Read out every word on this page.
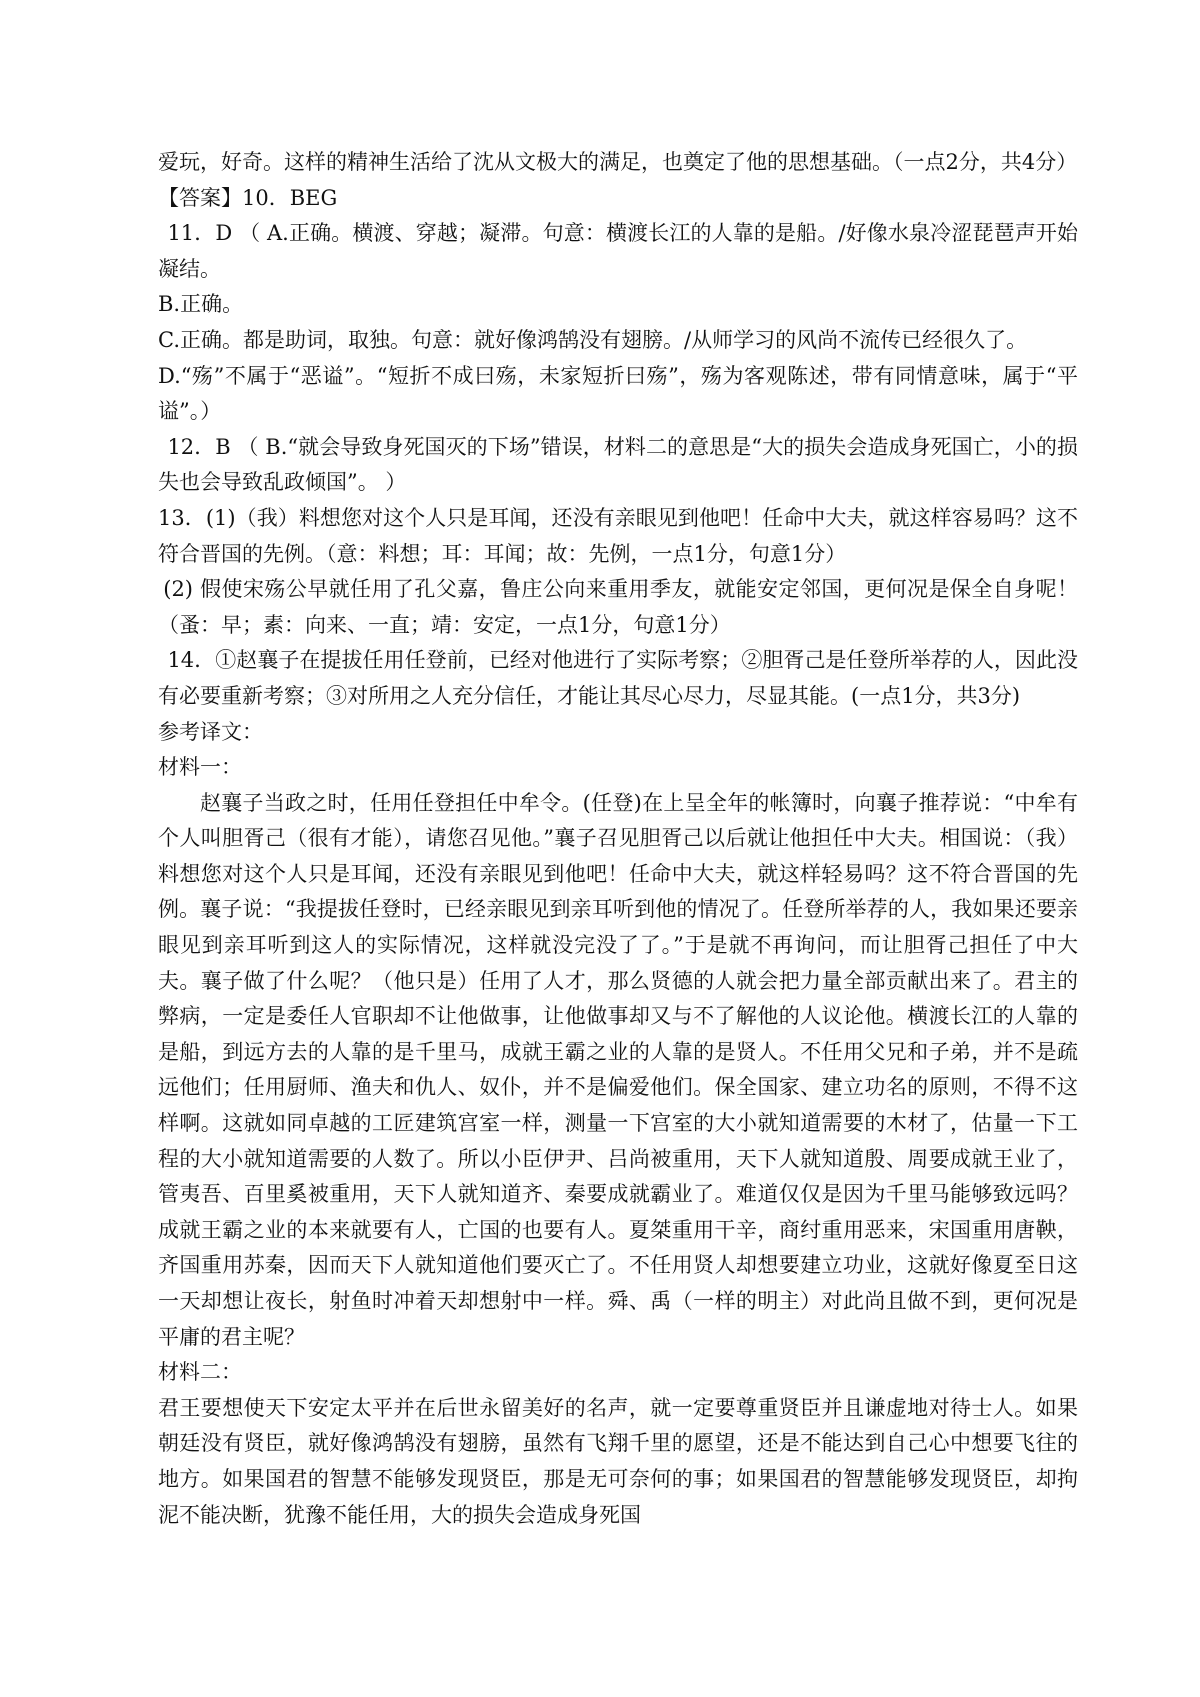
爱玩，好奇。这样的精神生活给了沈从文极大的满足，也奠定了他的思想基础。（一点2分，共4分）

【答案】10．BEG

11．D （ A.正确。横渡、穿越；凝滞。句意：横渡长江的人靠的是船。/好像水泉冷涩琵琶声开始凝结。

B.正确。

C.正确。都是助词，取独。句意：就好像鸿鹄没有翅膀。/从师学习的风尚不流传已经很久了。

D.“殇”不属于“恶谥”。“短折不成曰殇，未家短折曰殇”，殇为客观陈述，带有同情意味，属于“平谥”。）

12．B （ B.“就会导致身死国灭的下场”错误，材料二的意思是“大的损失会造成身死国亡，小的损失也会导致乱政倾国”。 ）

13．(1)（我）料想您对这个人只是耳闻，还没有亲眼见到他吧！任命中大夫，就这样容易吗？这不符合晋国的先例。（意：料想；耳：耳闻；故：先例，一点1分，句意1分）

(2) 假使宋殇公早就任用了孔父嘉，鲁庄公向来重用季友，就能安定邻国，更何况是保全自身呢！ （蚤：早；素：向来、一直；靖：安定，一点1分，句意1分）

14．①赵襄子在提拔任用任登前，已经对他进行了实际考察；②胆胥己是任登所举荐的人，因此没有必要重新考察；③对所用之人充分信任，才能让其尽心尽力，尽显其能。(一点1分，共3分)

参考译文：

材料一：

赵襄子当政之时，任用任登担任中牟令。(任登)在上呈全年的帐簿时，向襄子推荐说：“中牟有个人叫胆胥己（很有才能），请您召见他。”襄子召见胆胥己以后就让他担任中大夫。相国说：（我）料想您对这个人只是耳闻，还没有亲眼见到他吧！任命中大夫，就这样轻易吗？这不符合晋国的先例。襄子说：“我提拔任登时，已经亲眼见到亲耳听到他的情况了。任登所举荐的人，我如果还要亲眼见到亲耳听到这人的实际情况，这样就没完没了了。”于是就不再询问，而让胆胥己担任了中大夫。襄子做了什么呢？（他只是）任用了人才，那么贤德的人就会把力量全部贡献出来了。君主的弊病，一定是委任人官职却不让他做事，让他做事却又与不了解他的人议论他。横渡长江的人靠的是船，到远方去的人靠的是千里马，成就王霸之业的人靠的是贤人。不任用父兄和子弟，并不是疏远他们；任用厨师、渔夫和仇人、奴仆，并不是偏爱他们。保全国家、建立功名的原则，不得不这样啊。这就如同卓越的工匠建筑宫室一样，测量一下宫室的大小就知道需要的木材了，估量一下工程的大小就知道需要的人数了。所以小臣伊尹、吕尚被重用，天下人就知道殷、周要成就王业了，管夷吾、百里奚被重用，天下人就知道齐、秦要成就霸业了。难道仅仅是因为千里马能够致远吗？成就王霸之业的本来就要有人，亡国的也要有人。夏桀重用干辛，商纣重用恶来，宋国重用唐鞅，齐国重用苏秦，因而天下人就知道他们要灭亡了。不任用贤人却想要建立功业，这就好像夏至日这一天却想让夜长，射鱼时冲着天却想射中一样。舜、禹（一样的明主）对此尚且做不到，更何况是平庸的君主呢？

材料二：

君王要想使天下安定太平并在后世永留美好的名声，就一定要尊重贤臣并且谦虚地对待士人。如果朝廷没有贤臣，就好像鸿鹄没有翅膀，虽然有飞翔千里的愿望，还是不能达到自己心中想要飞往的地方。如果国君的智慧不能够发现贤臣，那是无可奈何的事；如果国君的智慧能够发现贤臣，却拘泥不能决断，犹豫不能任用，大的损失会造成身死国
